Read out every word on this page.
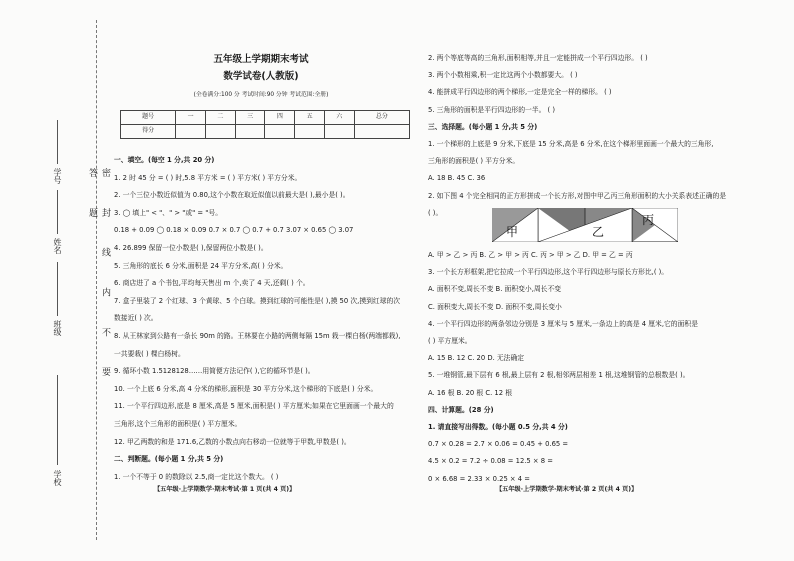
密 封 线 内 不 要 答 题
学校
班级
姓名
学号
五年级上学期期末考试
数学试卷(人教版)
(全卷满分:100 分 考试时间:90 分钟 考试范围:全册)
题号	一	二	三	四	五	六	总分
得分							
一、填空。(每空 1 分,共 20 分)
1. 2 时 45 分 = ( ) 时,5.8 平方米 = ( ) 平方米( ) 平方分米。
2. 一个三位小数近似值为 0.80,这个小数在取近似值以前最大是( ),最小是( )。
3. ◯ 填上" < "、" > "或" = "号。
0.18 + 0.09 ◯ 0.18 × 0.09 0.7 × 0.7 ◯ 0.7 + 0.7 3.07 × 0.65 ◯ 3.07
4. 26.899 保留一位小数是( ),保留两位小数是( )。
5. 三角形的底长 6 分米,面积是 24 平方分米,高( ) 分米。
6. 商店进了 a 个书包,平均每天售出 m 个,卖了 4 天,还剩( ) 个。
7. 盒子里装了 2 个红球、3 个黄球、5 个白球。摸到红球的可能性是( ),摸 50 次,摸到红球的次
数接近( ) 次。
8. 从王林家到公路有一条长 90m 的路。王林要在小路的两侧每隔 15m 栽一棵白杨(两端都栽),
一共要栽( ) 棵白杨树。
9. 循环小数 1.5128128……用简便方法记作( ),它的循环节是( )。
10. 一个上底 6 分米,高 4 分米的梯形,面积是 30 平方分米,这个梯形的下底是( ) 分米。
11. 一个平行四边形,底是 8 厘米,高是 5 厘米,面积是( ) 平方厘米;如果在它里面画一个最大的
三角形,这个三角形的面积是( ) 平方厘米。
12. 甲乙两数的和是 171.6,乙数的小数点向右移动一位就等于甲数,甲数是( )。
二、判断题。(每小题 1 分,共 5 分)
1. 一个不等于 0 的数除以 2.5,商一定比这个数大。 ( )
【五年级·上学期数学·期末考试·第 1 页(共 4 页)】
2. 两个等底等高的三角形,面积相等,并且一定能拼成一个平行四边形。 ( )
3. 两个小数相乘,积一定比这两个小数都要大。 ( )
4. 能拼成平行四边形的两个梯形,一定是完全一样的梯形。 ( )
5. 三角形的面积是平行四边形的一半。 ( )
三、选择题。(每小题 1 分,共 5 分)
1. 一个梯形的上底是 9 分米,下底是 15 分米,高是 6 分米,在这个梯形里面画一个最大的三角形,
三角形的面积是( ) 平方分米。
A. 18 B. 45 C. 36
2. 如下图 4 个完全相同的正方形拼成一个长方形,对图中甲乙丙三角形面积的大小关系表述正确的是
( )。
甲	乙
丙
A. 甲 > 乙 > 丙 B. 乙 > 甲 > 丙 C. 丙 > 甲 > 乙 D. 甲 = 乙 = 丙
3. 一个长方形框架,把它拉成一个平行四边形,这个平行四边形与原长方形比,( )。
A. 面积不变,周长不变 B. 面积变小,周长不变
C. 面积变大,周长不变 D. 面积不变,周长变小
4. 一个平行四边形的两条邻边分别是 3 厘米与 5 厘米,一条边上的高是 4 厘米,它的面积是
( ) 平方厘米。
A. 15 B. 12 C. 20 D. 无法确定
5. 一堆钢管,最下层有 6 根,最上层有 2 根,相邻两层相差 1 根,这堆钢管的总根数是( )。
A. 16 根 B. 20 根 C. 12 根
四、计算题。(28 分)
1. 请直接写出得数。(每小题 0.5 分,共 4 分)
0.7 × 0.28 = 2.7 × 0.06 = 0.45 + 0.65 =
4.5 × 0.2 = 7.2 ÷ 0.08 = 12.5 × 8 =
0 × 6.68 = 2.33 × 0.25 × 4 =
【五年级·上学期数学·期末考试·第 2 页(共 4 页)】
